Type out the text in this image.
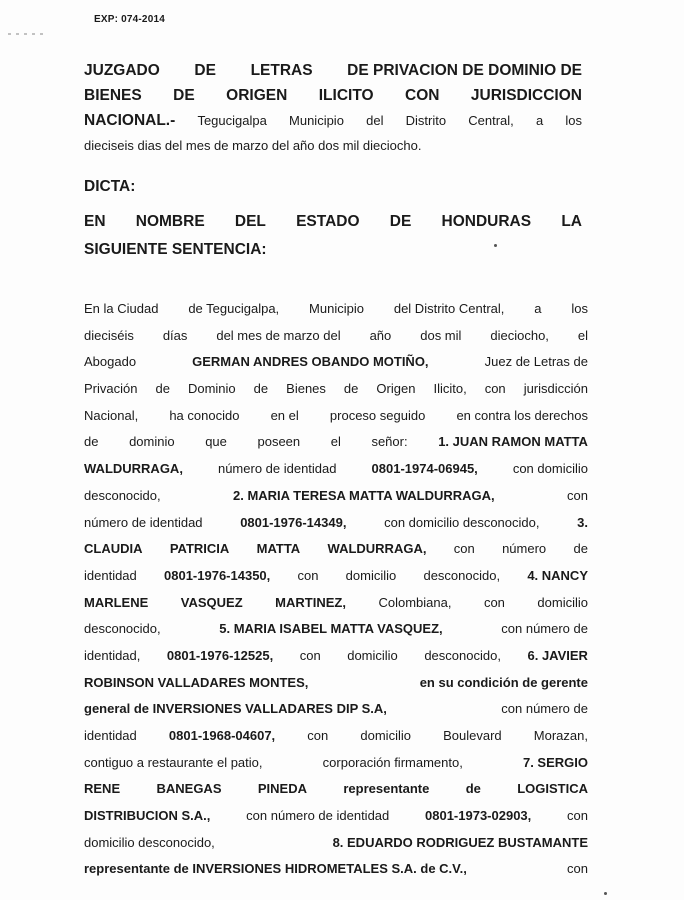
EXP: 074-2014
JUZGADO DE LETRAS DE PRIVACION DE DOMINIO DE
BIENES DE ORIGEN ILICITO CON JURISDICCION
NACIONAL.- Tegucigalpa Municipio del Distrito Central, a los
dieciseis dias del mes de marzo del año dos mil dieciocho.
DICTA:
EN NOMBRE DEL ESTADO DE HONDURAS LA
SIGUIENTE SENTENCIA:
En la Ciudad de Tegucigalpa, Municipio del Distrito Central, a los
dieciséis días del mes de marzo del año dos mil dieciocho, el
Abogado	GERMAN ANDRES OBANDO MOTIÑO,	Juez de Letras de
Privación de Dominio de Bienes de Origen Ilicito, con jurisdicción
Nacional, ha conocido en el proceso seguido en contra los derechos
de dominio que poseen el señor: 1. JUAN RAMON MATTA
WALDURRAGA,	número de identidad	0801-1974-06945,	con domicilio
desconocido,	2. MARIA TERESA MATTA WALDURRAGA,	con
número de identidad	0801-1976-14349,	con domicilio desconocido,	3.
CLAUDIA PATRICIA MATTA WALDURRAGA, con número de
identidad 0801-1976-14350, con domicilio desconocido, 4. NANCY
MARLENE	VASQUEZ	MARTINEZ,	Colombiana,	con	domicilio
desconocido,	5. MARIA ISABEL MATTA VASQUEZ,	con número de
identidad, 0801-1976-12525, con domicilio desconocido, 6. JAVIER
ROBINSON VALLADARES MONTES,	en su condición de gerente
general de INVERSIONES VALLADARES DIP S.A,	con número de
identidad 0801-1968-04607, con domicilio Boulevard Morazan,
contiguo a restaurante el patio,	corporación firmamento,	7. SERGIO
RENE	BANEGAS	PINEDA	representante	de	LOGISTICA
DISTRIBUCION S.A.,	con número de identidad	0801-1973-02903,	con
domicilio desconocido,	8. EDUARDO RODRIGUEZ BUSTAMANTE
representante de INVERSIONES HIDROMETALES S.A. de C.V.,	con
